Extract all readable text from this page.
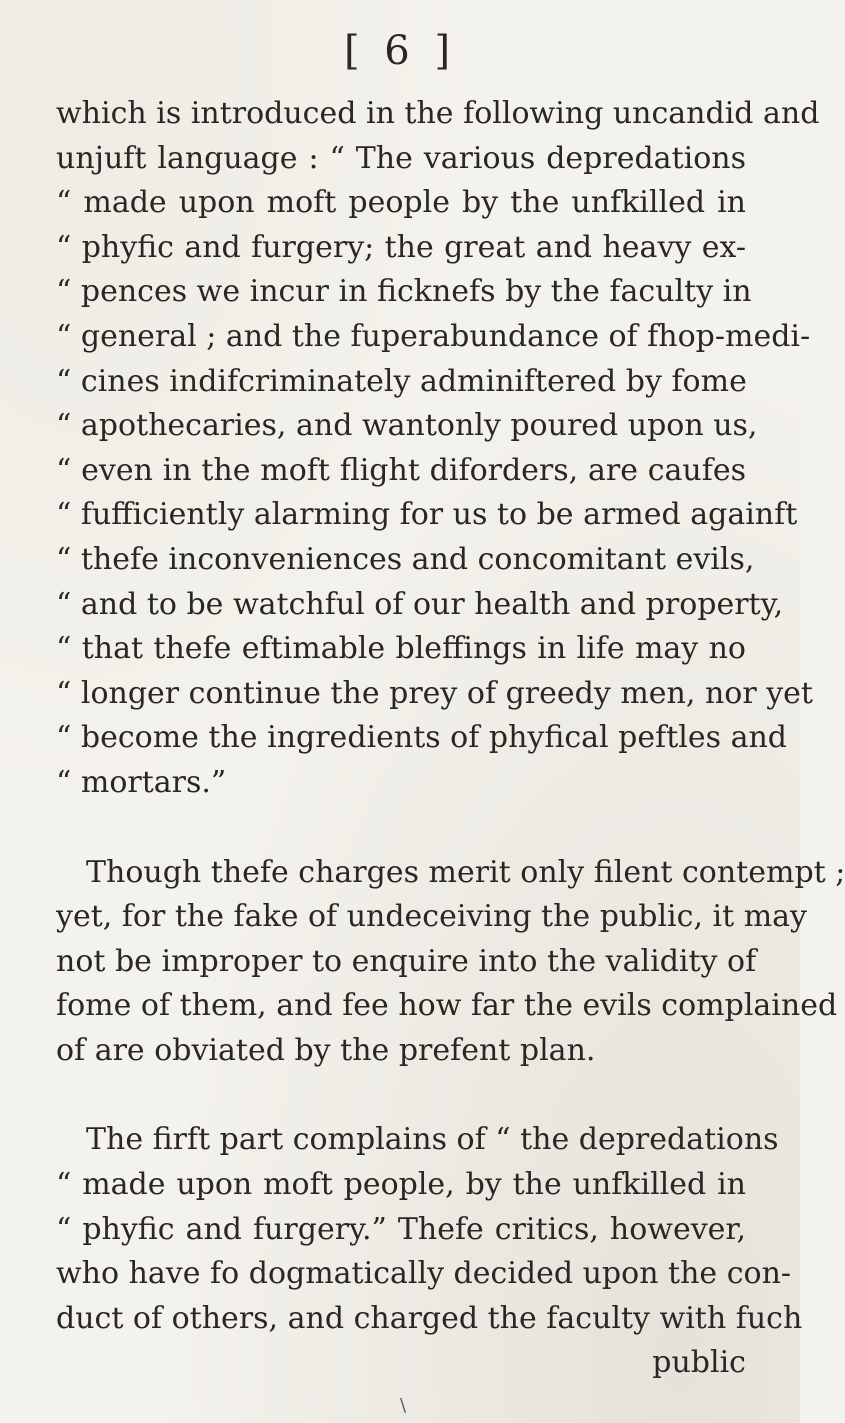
[ 6 ]
which is introduced in the following uncandid and
unjuft language : “ The various depredations
“ made upon moft people by the unfkilled in
“ phyfic and furgery; the great and heavy ex-
“ pences we incur in ficknefs by the faculty in
“ general ; and the fuperabundance of fhop-medi-
“ cines indifcriminately adminiftered by fome
“ apothecaries, and wantonly poured upon us,
“ even in the moft flight diforders, are caufes
“ fufficiently alarming for us to be armed againft
“ thefe inconveniences and concomitant evils,
“ and to be watchful of our health and property,
“ that thefe eftimable bleffings in life may no
“ longer continue the prey of greedy men, nor yet
“ become the ingredients of phyfical peftles and
“ mortars.”
Though thefe charges merit only filent contempt ;
yet, for the fake of undeceiving the public, it may
not be improper to enquire into the validity of
fome of them, and fee how far the evils complained
of are obviated by the prefent plan.
The firft part complains of “ the depredations
“ made upon moft people, by the unfkilled in
“ phyfic and furgery.” Thefe critics, however,
who have fo dogmatically decided upon the con-
duct of others, and charged the faculty with fuch
public
\
